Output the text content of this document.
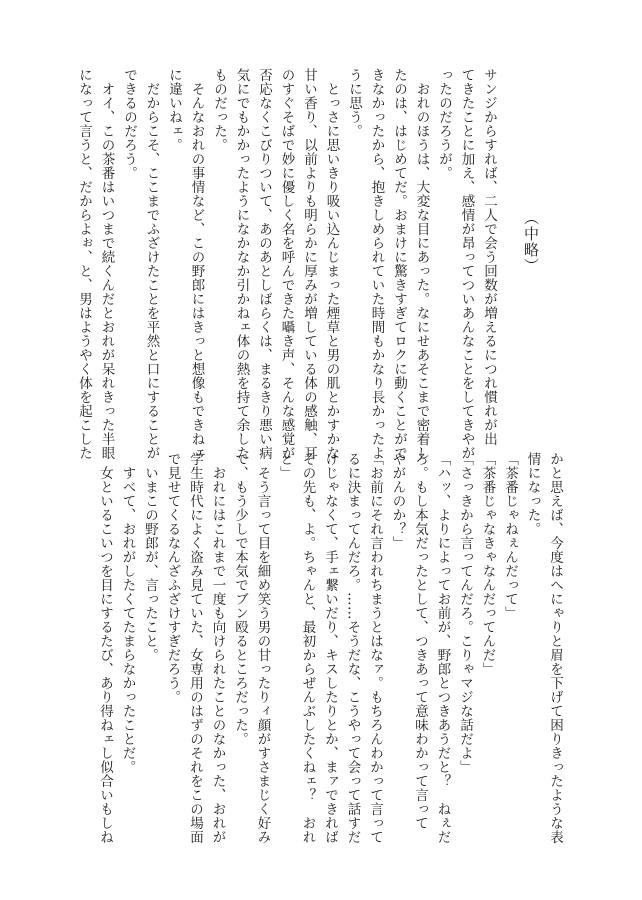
（中略）

サンジからすれば、二人で会う回数が増えるにつれ慣れが出

てきたことに加え、感情が昂ってついあんなことをしてきやが

ったのだろうが。

　おれのほうは、大変な目にあった。なにせあそこまで密着し

たのは、はじめてだ。おまけに驚きすぎてロクに動くことがで

きなかったから、抱きしめられていた時間もかなり長かったよ

うに思う。

　とっさに思いきり吸い込んじまった煙草と男の肌とかすかな

甘い香り、以前よりも明らかに厚みが増している体の感触、耳

のすぐそばで妙に優しく名を呼んできた囁き声、そんな感覚が

否応なくこびりついて、あのあとしばらくは、まるきり悪い病

気にでもかかったようになかなか引かねェ体の熱を持て余した

ものだった。

　そんなおれの事情など、この野郎にはきっと想像もできねェ

に違いねェ。

　だからこそ、ここまでふざけたことを平然と口にすることが

できるのだろう。

　オイ、この茶番はいつまで続くんだとおれが呆れきった半眼

になって言うと、だからよぉ、と、男はようやく体を起こした

かと思えば、今度はへにゃりと眉を下げて困りきったような表

情になった。

「茶番じゃねぇんだって」

「茶番じゃなきゃなんだってんだ」

「さっきから言ってんだろ。こりゃマジな話だよ」

「ハッ、よりによってお前が、野郎とつきあうだと？　ねぇだ

ろ。もし本気だったとして、つきあって意味わかって言って

やがんのか？」

「お前にそれ言われちまうとはなァ。もちろんわかって言って

るに決まってんだろ。……そうだな、こうやって会って話すだ

けじゃなくて、手ェ繋いだり、キスしたりとか、まァできれば

その先も、よ。ちゃんと、最初からぜんぶしたくねェ？　おれ

と」

　そう言って目を細め笑う男の甘ったりィ顔がすさまじく好み

で、もう少しで本気でブン殴るところだった。

　おれにはこれまで一度も向けられたことのなかった、おれが

学生時代によく盗み見ていた、女専用のはずのそれをこの場面

で見せてくるなんざふざけすぎだろう。

　いまこの野郎が、言ったこと。

　すべて、おれがしたくてたまらなかったことだ。

　女といるこいつを目にするたび、あり得ねェし似合いもしね
